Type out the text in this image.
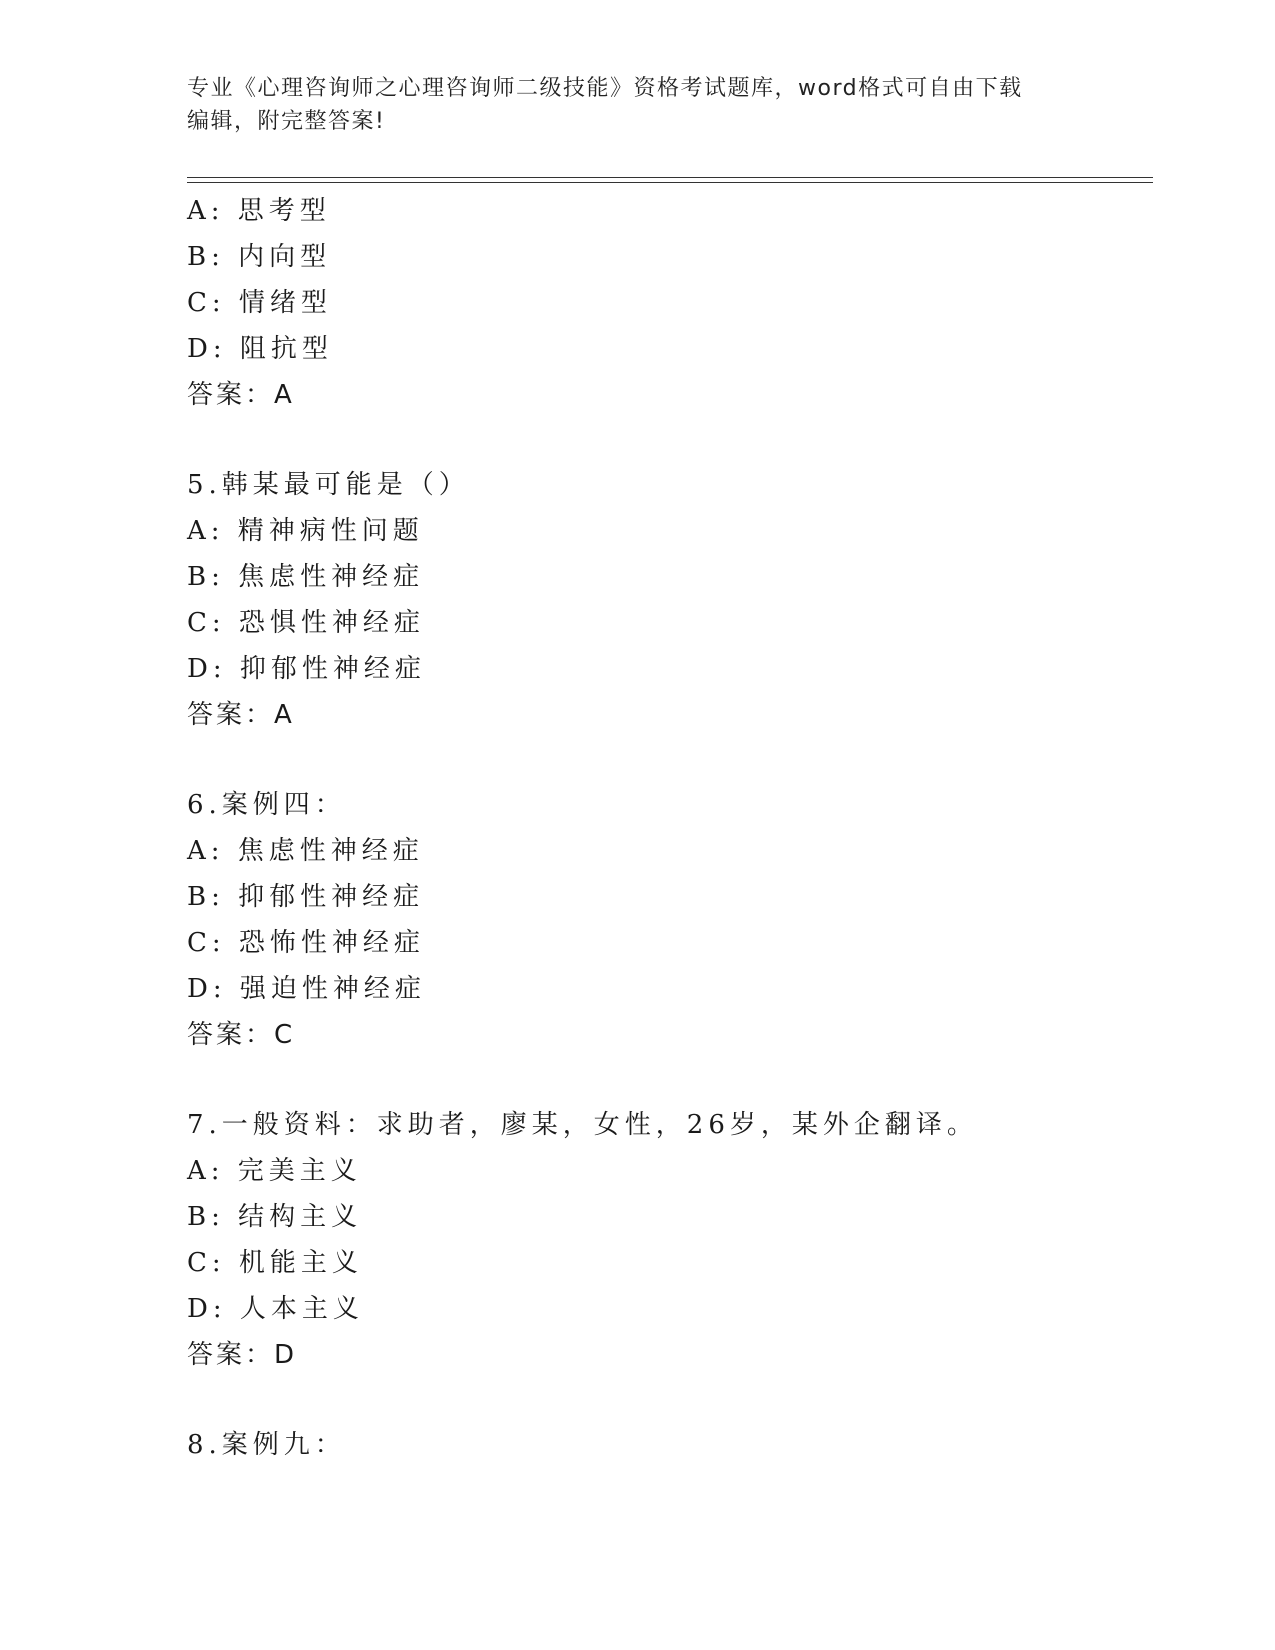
专业《心理咨询师之心理咨询师二级技能》资格考试题库，word格式可自由下载
编辑，附完整答案!
A: 思考型
B: 内向型
C: 情绪型
D: 阻抗型
答案：A
5.韩某最可能是（）
A: 精神病性问题
B: 焦虑性神经症
C: 恐惧性神经症
D: 抑郁性神经症
答案：A
6.案例四：
A: 焦虑性神经症
B: 抑郁性神经症
C: 恐怖性神经症
D: 强迫性神经症
答案：C
7.一般资料：求助者，廖某，女性，26岁，某外企翻译。
A: 完美主义
B: 结构主义
C: 机能主义
D: 人本主义
答案：D
8.案例九：
